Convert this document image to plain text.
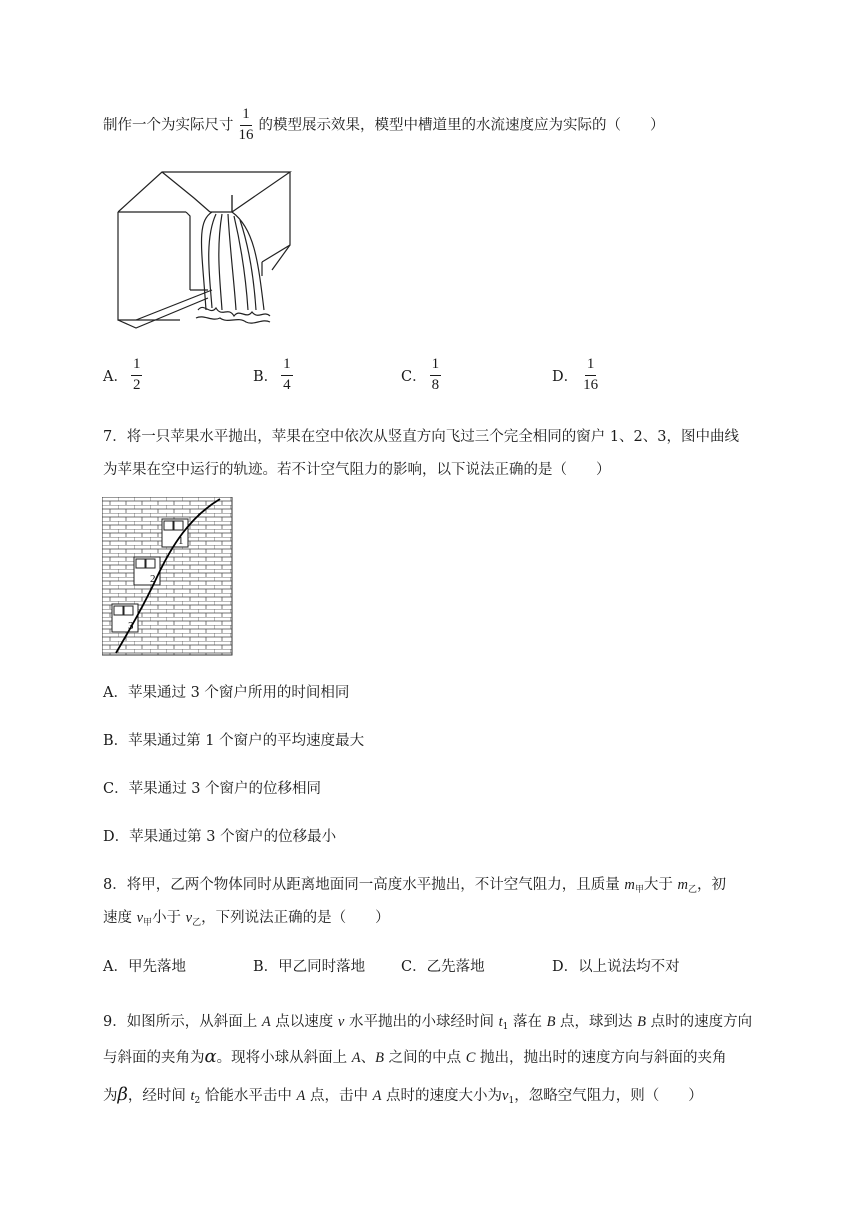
制作一个为实际尺寸 $\frac{1}{16}$ 的模型展示效果，模型中槽道里的水流速度应为实际的（　　）
A． $\frac{1}{2}$	B． $\frac{1}{4}$	C． $\frac{1}{8}$	D． $\frac{1}{16}$
7．将一只苹果水平抛出，苹果在空中依次从竖直方向飞过三个完全相同的窗户 1、2、3，图中曲线
为苹果在空中运行的轨迹。若不计空气阻力的影响，以下说法正确的是（　　）
1
2
3
A．苹果通过 3 个窗户所用的时间相同
B．苹果通过第 1 个窗户的平均速度最大
C．苹果通过 3 个窗户的位移相同
D．苹果通过第 3 个窗户的位移最小
8．将甲，乙两个物体同时从距离地面同一高度水平抛出，不计空气阻力，且质量 $m_甲$大于 $m_乙$，初
速度 $v_甲$小于 $v_乙$，下列说法正确的是（　　）
A．甲先落地	B．甲乙同时落地 C．乙先落地	D．以上说法均不对
9．如图所示，从斜面上 A 点以速度 v 水平抛出的小球经时间 $t_1$ 落在 B 点，球到达 B 点时的速度方向
与斜面的夹角为α。现将小球从斜面上 A、B 之间的中点 C 抛出，抛出时的速度方向与斜面的夹角
为β，经时间 $t_2$ 恰能水平击中 A 点，击中 A 点时的速度大小为$v_1$，忽略空气阻力，则（　　）
